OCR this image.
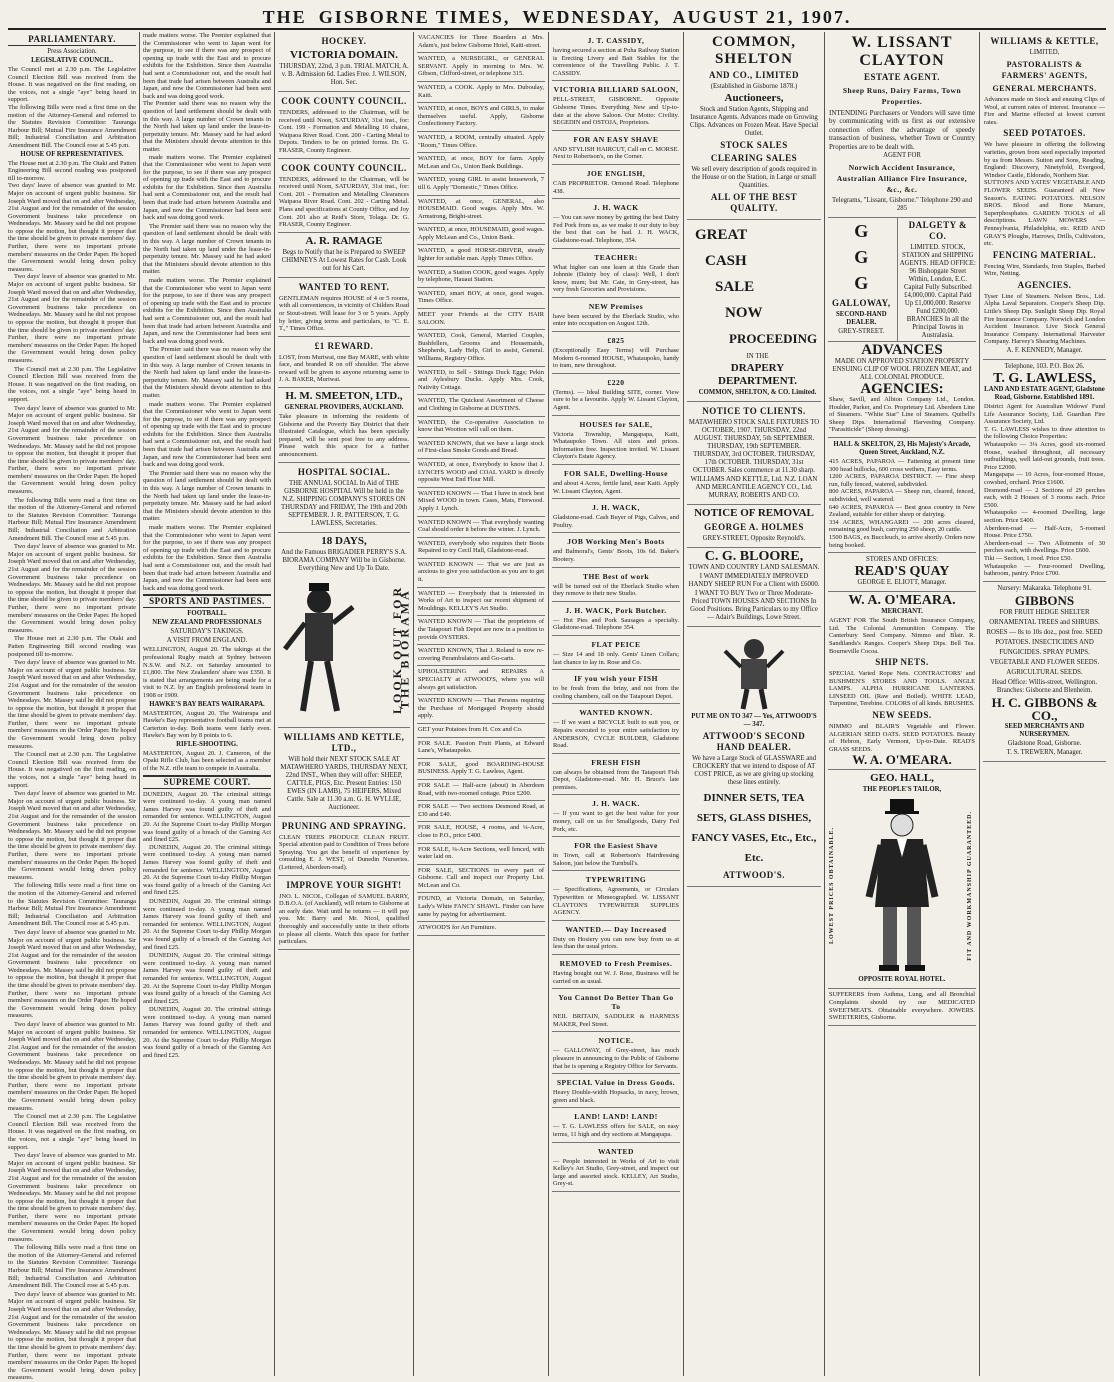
THE GISBORNE TIMES, WEDNESDAY, AUGUST 21, 1907.
PARLIAMENTARY.
Press Association.
LEGISLATIVE COUNCIL.

The Council met at 2.30 p.m. The Legislative Council Election Bill was received from the House. It was negatived on the first reading, on the voices, not a single "aye" being heard in support.

The following Bills were read a first time on the motion of the Attorney-General and referred to the Statutes Revision Committee: Tauranga Harbour Bill; Mutual Fire Insurance Amendment Bill; Industrial Conciliation and Arbitration Amendment Bill. The Council rose at 5.45 p.m.

HOUSE OF REPRESENTATIVES.

The House met at 2.30 p.m. The Otaki and Patten Engineering Bill second reading was postponed till to-morrow.

Two days' leave of absence was granted to Mr. Major on account of urgent public business. Sir Joseph Ward moved that on and after Wednesday, 21st August and for the remainder of the session Government business take precedence on Wednesdays. Mr. Massey said he did not propose to oppose the motion, but thought it proper that the time should be given to private members' day. Further, there were no important private members' measures on the Order Paper. He hoped the Government would bring down policy measures.

Two days' leave of absence was granted to Mr. Major on account of urgent public business. Sir Joseph Ward moved that on and after Wednesday, 21st August and for the remainder of the session Government business take precedence on Wednesdays. Mr. Massey said he did not propose to oppose the motion, but thought it proper that the time should be given to private members' day. Further, there were no important private members' measures on the Order Paper. He hoped the Government would bring down policy measures.

The Council met at 2.30 p.m. The Legislative Council Election Bill was received from the House. It was negatived on the first reading, on the voices, not a single "aye" being heard in support.

Two days' leave of absence was granted to Mr. Major on account of urgent public business. Sir Joseph Ward moved that on and after Wednesday, 21st August and for the remainder of the session Government business take precedence on Wednesdays. Mr. Massey said he did not propose to oppose the motion, but thought it proper that the time should be given to private members' day. Further, there were no important private members' measures on the Order Paper. He hoped the Government would bring down policy measures.

The following Bills were read a first time on the motion of the Attorney-General and referred to the Statutes Revision Committee: Tauranga Harbour Bill; Mutual Fire Insurance Amendment Bill; Industrial Conciliation and Arbitration Amendment Bill. The Council rose at 5.45 p.m.

Two days' leave of absence was granted to Mr. Major on account of urgent public business. Sir Joseph Ward moved that on and after Wednesday, 21st August and for the remainder of the session Government business take precedence on Wednesdays. Mr. Massey said he did not propose to oppose the motion, but thought it proper that the time should be given to private members' day. Further, there were no important private members' measures on the Order Paper. He hoped the Government would bring down policy measures.

The House met at 2.30 p.m. The Otaki and Patten Engineering Bill second reading was postponed till to-morrow.

Two days' leave of absence was granted to Mr. Major on account of urgent public business. Sir Joseph Ward moved that on and after Wednesday, 21st August and for the remainder of the session Government business take precedence on Wednesdays. Mr. Massey said he did not propose to oppose the motion, but thought it proper that the time should be given to private members' day. Further, there were no important private members' measures on the Order Paper. He hoped the Government would bring down policy measures.

The Council met at 2.30 p.m. The Legislative Council Election Bill was received from the House. It was negatived on the first reading, on the voices, not a single "aye" being heard in support.

Two days' leave of absence was granted to Mr. Major on account of urgent public business. Sir Joseph Ward moved that on and after Wednesday, 21st August and for the remainder of the session Government business take precedence on Wednesdays. Mr. Massey said he did not propose to oppose the motion, but thought it proper that the time should be given to private members' day. Further, there were no important private members' measures on the Order Paper. He hoped the Government would bring down policy measures.

The following Bills were read a first time on the motion of the Attorney-General and referred to the Statutes Revision Committee: Tauranga Harbour Bill; Mutual Fire Insurance Amendment Bill; Industrial Conciliation and Arbitration Amendment Bill. The Council rose at 5.45 p.m.

Two days' leave of absence was granted to Mr. Major on account of urgent public business. Sir Joseph Ward moved that on and after Wednesday, 21st August and for the remainder of the session Government business take precedence on Wednesdays. Mr. Massey said he did not propose to oppose the motion, but thought it proper that the time should be given to private members' day. Further, there were no important private members' measures on the Order Paper. He hoped the Government would bring down policy measures.

Two days' leave of absence was granted to Mr. Major on account of urgent public business. Sir Joseph Ward moved that on and after Wednesday, 21st August and for the remainder of the session Government business take precedence on Wednesdays. Mr. Massey said he did not propose to oppose the motion, but thought it proper that the time should be given to private members' day. Further, there were no important private members' measures on the Order Paper. He hoped the Government would bring down policy measures.

The Council met at 2.30 p.m. The Legislative Council Election Bill was received from the House. It was negatived on the first reading, on the voices, not a single "aye" being heard in support.

Two days' leave of absence was granted to Mr. Major on account of urgent public business. Sir Joseph Ward moved that on and after Wednesday, 21st August and for the remainder of the session Government business take precedence on Wednesdays. Mr. Massey said he did not propose to oppose the motion, but thought it proper that the time should be given to private members' day. Further, there were no important private members' measures on the Order Paper. He hoped the Government would bring down policy measures.

The following Bills were read a first time on the motion of the Attorney-General and referred to the Statutes Revision Committee: Tauranga Harbour Bill; Mutual Fire Insurance Amendment Bill; Industrial Conciliation and Arbitration Amendment Bill. The Council rose at 5.45 p.m.

Two days' leave of absence was granted to Mr. Major on account of urgent public business. Sir Joseph Ward moved that on and after Wednesday, 21st August and for the remainder of the session Government business take precedence on Wednesdays. Mr. Massey said he did not propose to oppose the motion, but thought it proper that the time should be given to private members' day. Further, there were no important private members' measures on the Order Paper. He hoped the Government would bring down policy measures.

made matters worse. The Premier explained that the Commissioner who went to Japan went for the purpose, to see if there was any prospect of opening up trade with the East and to procure exhibits for the Exhibition. Since then Australia had sent a Commissioner out, and the result had been that trade had arisen between Australia and Japan, and now the Commissioner had been sent back and was doing good work.

The Premier said there was no reason why the question of land settlement should be dealt with in this way. A large number of Crown tenants in the North had taken up land under the lease-in-perpetuity tenure. Mr. Massey said he had asked that the Ministers should devote attention to this matter.

made matters worse. The Premier explained that the Commissioner who went to Japan went for the purpose, to see if there was any prospect of opening up trade with the East and to procure exhibits for the Exhibition. Since then Australia had sent a Commissioner out, and the result had been that trade had arisen between Australia and Japan, and now the Commissioner had been sent back and was doing good work.

The Premier said there was no reason why the question of land settlement should be dealt with in this way. A large number of Crown tenants in the North had taken up land under the lease-in-perpetuity tenure. Mr. Massey said he had asked that the Ministers should devote attention to this matter.

made matters worse. The Premier explained that the Commissioner who went to Japan went for the purpose, to see if there was any prospect of opening up trade with the East and to procure exhibits for the Exhibition. Since then Australia had sent a Commissioner out, and the result had been that trade had arisen between Australia and Japan, and now the Commissioner had been sent back and was doing good work.

The Premier said there was no reason why the question of land settlement should be dealt with in this way. A large number of Crown tenants in the North had taken up land under the lease-in-perpetuity tenure. Mr. Massey said he had asked that the Ministers should devote attention to this matter.

made matters worse. The Premier explained that the Commissioner who went to Japan went for the purpose, to see if there was any prospect of opening up trade with the East and to procure exhibits for the Exhibition. Since then Australia had sent a Commissioner out, and the result had been that trade had arisen between Australia and Japan, and now the Commissioner had been sent back and was doing good work.

The Premier said there was no reason why the question of land settlement should be dealt with in this way. A large number of Crown tenants in the North had taken up land under the lease-in-perpetuity tenure. Mr. Massey said he had asked that the Ministers should devote attention to this matter.

made matters worse. The Premier explained that the Commissioner who went to Japan went for the purpose, to see if there was any prospect of opening up trade with the East and to procure exhibits for the Exhibition. Since then Australia had sent a Commissioner out, and the result had been that trade had arisen between Australia and Japan, and now the Commissioner had been sent back and was doing good work.

SPORTS AND PASTIMES.
FOOTBALL.
NEW ZEALAND PROFESSIONALS
SATURDAY'S TAKINGS.
A VISIT FROM ENGLAND.

WELLINGTON, August 20. The takings at the professional Rugby match at Sydney between N.S.W. and N.Z. on Saturday amounted to £1,800. The New Zealanders' share was £350. It is stated that arrangements are being made for a visit to N.Z. by an English professional team in 1908 or 1909.

HAWKE'S BAY BEATS WAIRARAPA.

MASTERTON, August 20. The Wairarapa and Hawke's Bay representative football teams met at Carterton to-day. Both teams were fairly even. Hawke's Bay won by 8 points to 6.

RIFLE-SHOOTING.

MASTERTON, August 20. J. Cameron, of the Opaki Rifle Club, has been selected as a member of the N.Z. rifle team to compete in Australia.

SUPREME COURT.

DUNEDIN, August 20. The criminal sittings were continued to-day. A young man named James Harvey was found guilty of theft and remanded for sentence. WELLINGTON, August 20. At the Supreme Court to-day Phillip Morgan was found guilty of a breach of the Gaming Act and fined £25.

DUNEDIN, August 20. The criminal sittings were continued to-day. A young man named James Harvey was found guilty of theft and remanded for sentence. WELLINGTON, August 20. At the Supreme Court to-day Phillip Morgan was found guilty of a breach of the Gaming Act and fined £25.

DUNEDIN, August 20. The criminal sittings were continued to-day. A young man named James Harvey was found guilty of theft and remanded for sentence. WELLINGTON, August 20. At the Supreme Court to-day Phillip Morgan was found guilty of a breach of the Gaming Act and fined £25.

DUNEDIN, August 20. The criminal sittings were continued to-day. A young man named James Harvey was found guilty of theft and remanded for sentence. WELLINGTON, August 20. At the Supreme Court to-day Phillip Morgan was found guilty of a breach of the Gaming Act and fined £25.

DUNEDIN, August 20. The criminal sittings were continued to-day. A young man named James Harvey was found guilty of theft and remanded for sentence. WELLINGTON, August 20. At the Supreme Court to-day Phillip Morgan was found guilty of a breach of the Gaming Act and fined £25.

HOCKEY.
VICTORIA DOMAIN.
THURSDAY, 22nd, 3 p.m. TRIAL MATCH, A. v. B. Admission 6d. Ladies Free. J. WILSON, Hon. Sec.
COOK COUNTY COUNCIL.

TENDERS, addressed to the Chairman, will be received until Noon, SATURDAY, 31st inst., for: Cont. 199 - Formation and Metalling 16 chains, Waipaoa River Road. Cont. 200 - Carting Metal to Depots. Tenders to be on printed forms. Dr. G. FRASER, County Engineer.

COOK COUNTY COUNCIL.

TENDERS, addressed to the Chairman, will be received until Noon, SATURDAY, 31st inst., for: Cont. 201 - Formation and Metalling Clearances Waipaoa River Road. Cont. 202 - Carting Metal. Plans and specifications at County Office, and Joy Cont. 201 also at Reid's Store, Tolaga. Dr. G. FRASER, County Engineer.

A. R. RAMAGE
Begs to Notify that he is Prepared to SWEEP CHIMNEYS At Lowest Rates for Cash. Look out for his Cart.
WANTED TO RENT.

GENTLEMAN requires HOUSE of 4 or 5 rooms, with all conveniences, in vicinity of Childers Road or Stout-street. Will lease for 3 or 5 years. Apply by letter, giving terms and particulars, to "C. E. T.," Times Office.

£1 REWARD.

LOST, from Muriwai, one Bay MARE, with white face, and branded R on off shoulder. The above reward will be given to anyone returning same to J. A. BAKER, Muriwai.

H. M. SMEETON, LTD.,
GENERAL PROVIDERS, AUCKLAND.

Take pleasure in informing the residents of Gisborne and the Poverty Bay District that their illustrated Catalogue, which has been specially prepared, will be sent post free to any address. Please watch this space for a further announcement.

HOSPITAL SOCIAL.
THE ANNUAL SOCIAL In Aid of THE GISBORNE HOSPITAL Will be held in the N.Z. SHIPPING COMPANY'S STORES ON THURSDAY and FRIDAY, The 19th and 20th SEPTEMBER. J. R. PATTERSON, T. G. LAWLESS, Secretaries.
18 DAYS,
And the Famous BRIGADIER PERRY'S S.A. BIORAMA COMPANY Will be in Gisborne. Everything New and Up To Date.
LOOK OUT FOR THE BIORAMA
WILLIAMS AND KETTLE, LTD.,
Will hold their NEXT STOCK SALE AT MATAWHERO YARDS, THURSDAY NEXT, 22nd INST., When they will offer: SHEEP, CATTLE, PIGS, Etc. Present Entries: 150 EWES (IN LAMB), 75 HEIFERS, Mixed Cattle. Sale at 11.30 a.m. G. H. WYLLIE, Auctioneer.
PRUNING AND SPRAYING.

CLEAN TREES PRODUCE CLEAN FRUIT. Special attention paid to Condition of Trees before Spraying. You get the benefit of experience by consulting E. J. WEST, of Dunedin Nurseries. (Lettered, Aberdeen-road).

IMPROVE YOUR SIGHT!

JNO. L. NICOL, Collegan of SAMUEL BARRY, D.B.O.A. (of Auckland), will return to Gisborne at an early date. Wait until he returns — it will pay you. Mr. Barry and Mr. Nicol, qualified thoroughly and successfully unite in their efforts to please all clients. Watch this space for further particulars.

VACANCIES for Three Boarders at Mrs. Adam's, just below Gisborne Hotel, Kaiti-street.

WANTED, a NURSEGIRL, or GENERAL SERVANT. Apply in morning to Mrs. W. Gibson, Clifford-street, or telephone 315.

WANTED, a COOK. Apply to Mrs. Duboulay, Kaiti.

WANTED, at once, BOYS and GIRLS, to make themselves useful. Apply, Gisborne Confectionery Factory.

WANTED, a ROOM, centrally situated. Apply "Room," Times Office.

WANTED, at once, BOY for farm. Apply McLean and Co., Union Bank Buildings.

WANTED, young GIRL to assist housework, 7 till 6. Apply "Domestic," Times Office.

WANTED, at once, GENERAL, also HOUSEMAID. Good wages. Apply Mrs. W. Armstrong, Bright-street.

WANTED, at once, HOUSEMAID, good wages. Apply McLean and Co., Union Bank.

WANTED, a good HORSE-DRIVER, steady lighter for suitable man. Apply Times Office.

WANTED, a Station COOK, good wages. Apply by telephone, Hauaui Station.

WANTED, smart BOY, at once, good wages. Times Office.

MEET your Friends at the CITY HAIR SALOON.

WANTED, Cook, General, Married Couples, Bushfellers, Grooms and Housemaids, Shepherds, Lady Help, Girl to assist, General. Williams, Registry Office.

WANTED, to Sell - Sittings Duck Eggs; Pekin and Aylesbury Ducks. Apply Mrs. Cook, Nativity Cottage.

WANTED, The Quickest Assortment of Cheese and Clothing in Gisborne at DUSTIN'S.

WANTED, the Co-operative Association to know that Wootton will call on them.

WANTED KNOWN, that we have a large stock of First-class Smoke Goods and Bread.

WANTED, at once, Everybody to know that J. LYNCH'S WOOD and COAL YARD is directly opposite West End Flour Mill.

WANTED KNOWN — That I have in stock best Mixed WOOD in town. Cases, Mats, Firewood. Apply J. Lynch.

WANTED KNOWN — That everybody wanting Coal should order it before the winter. J. Lynch.

WANTED, everybody who requires their Boots Repaired to try Cecil Hall, Gladstone-road.

WANTED KNOWN — That we are just as anxious to give you satisfaction as you are to get it.

WANTED — Everybody that is interested in Works of Art to inspect our recent shipment of Mouldings. KELLEY'S Art Studio.

WANTED KNOWN — That the proprietors of the Tatapouri Fish Depot are now in a position to provide OYSTERS.

WANTED KNOWN, That J. Roland is now re-covering Perambulators and Go-carts.

UPHOLSTERING and REPAIRS A SPECIALTY at ATWOOD'S, where you will always get satisfaction.

WANTED KNOWN — That Persons requiring the Purchase of Mortgaged Property should apply.

GET your Potatoes from H. Cox and Co.

FOR SALE. Passion Fruit Plants, at Edward Lane's, Whataupoko.

FOR SALE, good BOARDING-HOUSE BUSINESS. Apply T. G. Lawless, Agent.

FOR SALE — Half-acre (about) in Aberdeen Road, with two-roomed cottage. Price £200.

FOR SALE — Two sections Desmond Road, at £30 and £40.

FOR SALE, HOUSE, 4 rooms, and ¼-Acre, close to P.O., price £400.

FOR SALE, ¼-Acre Sections, well fenced, with water laid on.

FOR SALE, SECTIONS in every part of Gisborne. Call and inspect our Property List. McLean and Co.

FOUND, at Victoria Domain, on Saturday, Lady's White FANCY SHAWL. Finder can have same by paying for advertisement.

ATWOOD'S for Art Furniture.

J. T. CASSIDY,

having secured a section at Puha Railway Station is Erecting Livery and Bait Stables for the convenience of the Travelling Public. J. T. CASSIDY.

VICTORIA BILLIARD SALOON,

PELL-STREET, GISBORNE. Opposite Gisborne Times. Everything New and Up-to-date at the above Saloon. Our Motto: Civility. SEGEDIN and OSTOJA, Proprietors.

FOR AN EASY SHAVE

AND STYLISH HAIRCUT, Call on C. MORSE. Next to Robertson's, on the Corner.

JOE ENGLISH,

CAB PROPRIETOR. Ormond Road. Telephone 438.

J. H. WACK

— You can save money by getting the best Dairy Fed Pork from us, as we make it our duty to buy the best that can be had. J. H. WACK, Gladstone-road. Telephone, 354.

TEACHER:

What higher can one learn at this Grade than Johnnie (Dainty boy of class): Well, I don't know, mum; but Mr. Cate, in Grey-street, has very fresh Groceries and Provisions.

NEW Premises

have been secured by the Eberlack Studio, who enter into occupation on August 12th.

£825

(Exceptionally Easy Terms) will Purchase Modern 6-roomed HOUSE, Whataupoko, handy to tram, new throughout.

£220

(Terms). — Ideal Building SITE, corner. View sure to be a favourite. Apply W. Lissant Clayton, Agent.

HOUSES for SALE,

Victoria Township, Mangapapa, Kaiti, Whataupoko Town. All sizes and prices. Information free. Inspection invited. W. Lissant Clayton's Estate Agency.

FOR SALE, Dwelling-House

and about 4 Acres, fertile land, near Kaiti. Apply W. Lissant Clayton, Agent.

J. H. WACK,

Gladstone-road. Cash Buyer of Pigs, Calves, and Poultry.

JOB Working Men's Boots

and Balmoral's, Gents' Boots, 10s 6d. Baker's Bootery.

THE Best of work

will be turned out of the Eberlack Studio when they remove to their new Studio.

J. H. WACK, Pork Butcher.

— Hot Pies and Pork Sausages a specialty. Gladstone-road. Telephone 354.

FLAT PEICE

— Size 14 and 18 only. Gents' Linen Collars; last chance to lay in. Rose and Co.

IF you wish your FISH

to be fresh from the briny, and not from the cooling chambers, call on the Tatapouri Depot.

WANTED KNOWN.

— If we want a BICYCLE built to suit you, or Repairs executed to your entire satisfaction try ANDERSON, CYCLE BUILDER, Gladstone Road.

FRESH FISH

can always be obtained from the Tatapouri Fish Depot, Gladstone-road. Mr. H. Bruce's late premises.

J. H. WACK.

— If you want to get the best value for your money, call on us for Smallgoods, Dairy Fed Pork, etc.

FOR the Easiest Shave

in Town, call at Robertson's Hairdressing Saloon, just below the Turnbull's.

TYPEWRITING

— Specifications, Agreements, or Circulars Typewritten or Mimeographed. W. LISSANT CLAYTON'S TYPEWRITER SUPPLIES AGENCY.

WANTED.— Day Increased

Duty on Hosiery you can now buy from us at less than the usual prices.

REMOVED to Fresh Premises.

Having bought out W. J. Rose, Business will be carried on as usual.

You Cannot Do Better Than Go To

NEIL BRITAIN, SADDLER & HARNESS MAKER, Peel Street.

NOTICE.

— GALLOWAY, of Grey-street, has much pleasure in announcing to the Public of Gisborne that he is opening a Registry Office for Servants.

SPECIAL Value in Dress Goods.

Heavy Double-width Hopsacks, in navy, brown, green and black.

LAND! LAND! LAND!

— T. G. LAWLESS offers for SALE, on easy terms, 11 high and dry sections at Mangapapa.

WANTED

— People interested in Works of Art to visit Kelley's Art Studio, Grey-street, and inspect our large and assorted stock. KELLEY, Art Studio, Grey-st.

COMMON, SHELTON
AND CO., LIMITED
(Established in Gisborne 1878.)
Auctioneers,
Stock and Station Agents, Shipping and Insurance Agents. Advances made on Growing Clips. Advances on Frozen Meat. Have Special Outlet.
STOCK SALES
CLEARING SALES
We sell every description of goods required in the House or on the Station, in Large or small Quantities.
ALL OF THE BEST QUALITY.
GREAT
CASH
SALE
NOW
PROCEEDING
IN THE
DRAPERY DEPARTMENT.
COMMON, SHELTON, & CO. Limited.
NOTICE TO CLIENTS.
MATAWHERO STOCK SALE FIXTURES TO OCTOBER, 1907. THURSDAY, 22nd AUGUST. THURSDAY, 5th SEPTEMBER. THURSDAY, 19th SEPTEMBER. THURSDAY, 3rd OCTOBER. THURSDAY, 17th OCTOBER. THURSDAY, 31st OCTOBER. Sales commence at 11.30 sharp.
WILLIAMS AND KETTLE, Ltd. N.Z. LOAN AND MERCANTILE AGENCY CO., Ltd. MURRAY, ROBERTS AND CO.
NOTICE OF REMOVAL
GEORGE A. HOLMES
GREY-STREET, Opposite Reynold's.
C. G. BLOORE,
TOWN AND COUNTRY LAND SALESMAN.
I WANT IMMEDIATELY IMPROVED HANDY SHEEP RUN For a Client with £6000.
I WANT TO BUY Two or Three Moderate-Priced TOWN HOUSES AND SECTIONS In Good Positions. Bring Particulars to my Office — Adair's Buildings, Lowe Street.
PUT ME ON TO 347 — Yes, ATTWOOD'S — 347.
ATTWOOD'S SECOND HAND DEALER.
We have a Large Stock of GLASSWARE and CROCKERY that we intend to dispose of AT COST PRICE, as we are giving up stocking these lines entirely.
DINNER SETS, TEA SETS, GLASS DISHES, FANCY VASES, Etc., Etc., Etc.
ATTWOOD'S.
W. LISSANT CLAYTON
ESTATE AGENT.
Sheep Runs, Dairy Farms, Town Properties.

INTENDING Purchasers or Vendors will save time by communicating with us first as our extensive connection offers the advantage of speedy transaction of business, whether Town or Country Properties are to be dealt with.

AGENT FOR
Norwich Accident Insurance, Australian Alliance Fire Insurance, &c., &c.
Telegrams, "Lissant, Gisborne." Telephone 290 and 285
G
G
G
GALLOWAY,
SECOND-HAND DEALER.
GREY-STREET.
DALGETY & CO.
LIMITED. STOCK, STATION and SHIPPING AGENTS. HEAD OFFICE: 96 Bishopgate Street Within, London, E.C. Capital Fully Subscribed £4,000,000. Capital Paid Up £1,000,000. Reserve Fund £200,000. BRANCHES In all the Principal Towns in Australasia.
ADVANCES
MADE ON APPROVED STATION PROPERTY ENSUING CLIP OF WOOL FROZEN MEAT, and ALL COLONIAL PRODUCE.
AGENCIES:

Shaw, Savill, and Albion Company Ltd., London. Houlder, Parker, and Co. Proprietary Ltd. Aberdeen Line of Steamers. "White Star" Line of Steamers. Quibell's Sheep Dips. International Harvesting Company. "Parasiticide" (Sheep dressing).

HALL & SKELTON, 23, His Majesty's Arcade, Queen Street, Auckland, N.Z.

415 ACRES, PAPAROA — Fattening at present time 300 head bullocks, 600 cross wethers, Easy terms.

1200 ACRES, PAPAROA DISTRICT. — Fine sheep run, fully fenced, watered, subdivided.

800 ACRES, PAPAROA — Sheep run, cleared, fenced, subdivided, well watered.

640 ACRES, PAPAROA — Best grass country in New Zealand, suitable for either sheep or dairying.

334 ACRES, WHANGAREI — 200 acres cleared, remaining good bush, carrying 250 sheep, 20 cattle.

1500 BAGS, ex Buccleuch, to arrive shortly. Orders now being booked.

STORES AND OFFICES:
READ'S QUAY
GEORGE E. ELIOTT, Manager.
W. A. O'MEARA.
MERCHANT.

AGENT FOR The South British Insurance Company, Ltd. The Colonial Ammunition Company. The Canterbury Seed Company. Nimmo and Blair. R. Sandilands's Ranges. Cooper's Sheep Dips. Bell Tea. Bourneville Cocoa.

SHIP NETS.

SPECIAL Varied Rope Nets. CONTRACTORS' and BUSHMEN'S STORES AND TOOLS. ANGLE LAMPS. ALPHA HURRICANE LANTERNS. LINSEED OIL (Raw and Boiled). WHITE LEAD, Turpentine, Terebine. COLORS of all kinds. BRUSHES.

NEW SEEDS.

NIMMO and BLAIR'S Vegetable and Flower. ALGERIAN SEED OATS. SEED POTATOES. Beauty of Hebron, Early Vermont, Up-to-Date. READ'S GRASS SEEDS.

W. A. O'MEARA.
GEO. HALL,
THE PEOPLE'S TAILOR,
LOWEST PRICES OBTAINABLE.	FIT AND WORKMANSHIP GUARANTEED.
OPPOSITE ROYAL HOTEL.

SUFFERERS from Asthma, Lung, and all Bronchial Complaints should try our MEDICATED SWEETMEATS. Obtainable everywhere. JOWERS. SWEETERIES, Gisborne.

WILLIAMS & KETTLE,
LIMITED,
PASTORALISTS & FARMERS' AGENTS,
GENERAL MERCHANTS.

Advances made on Stock and ensuing Clips of Wool, at current rates of interest. Insurance — Fire and Marine effected at lowest current rates.

SEED POTATOES.

We have pleasure in offering the following varieties, grown from seed especially imported by us from Messrs. Sutton and Sons, Reading, England: Discovery, Ninetyfold, Evergood, Windsor Castle, Eldorado, Northern Star.

SUTTON'S AND YATES' VEGETABLE AND FLOWER SEEDS. Guaranteed all New Season's. EATING POTATOES. NELSON BROS. Blood and Bone Manure, Superphosphates. GARDEN TOOLS of all descriptions. LAWN MOWERS — Pennsylvania, Philadelphia, etc. REID AND GRAY'S Ploughs, Harrows, Drills, Cultivators, etc.

FENCING MATERIAL.

Fencing Wire, Standards, Iron Staples, Barbed Wire, Netting.

AGENCIES.

Tyser Line of Steamers. Nelson Bros., Ltd. Alpha Laval Separators. Cooper's Sheep Dip. Little's Sheep Dip. Sunlight Sheep Dip. Royal Fire Insurance Company. Norwich and London Accident Insurance. Live Stock General Insurance Company. International Harvester Company. Harvey's Shearing Machines.

A. F. KENNEDY, Manager.
Telephone, 103. P.O. Box 26.
T. G. LAWLESS,
LAND AND ESTATE AGENT, Gladstone Road, Gisborne. Established 1891.

District Agent for Australian Widows' Fund Life Assurance Society, Ltd. Guardian Fire Assurance Society, Ltd.

T. G. LAWLESS wishes to draw attention to the following Choice Properties:

Whataupoko — 3¼ Acres, good six-roomed House, washed throughout, all necessary outbuildings, well laid-out grounds, fruit trees. Price £2000.

Mangapapa — 10 Acres, four-roomed House, cowshed, orchard. Price £1600.

Desmond-road — 2 Sections of 29 perches each, with 2 Houses of 3 rooms each. Price £500.

Whataupoko — 4-roomed Dwelling, large section. Price £400.

Aberdeen-road — Half-Acre, 5-roomed House. Price £750.

Aberdeen-road — Two Allotments of 30 perches each, with dwellings. Price £600.

Tiki — Section, 1 rood. Price £50.

Whataupoko — Four-roomed Dwelling, bathroom, pantry. Price £700.

Nursery: Makaraka. Telephone 91.
GIBBONS
FOR FRUIT HEDGE SHELTER ORNAMENTAL TREES and SHRUBS. ROSES — 8s to 10s doz., post free. SEED POTATOES. INSECTICIDES AND FUNGICIDES. SPRAY PUMPS. VEGETABLE AND FLOWER SEEDS. AGRICULTURAL SEEDS.
Head Office: Willis-street, Wellington. Branches: Gisborne and Blenheim.
H. C. GIBBONS & CO.,
SEED MERCHANTS AND NURSERYMEN.
Gladstone Road, Gisborne.
T. S. TREWERN, Manager.
